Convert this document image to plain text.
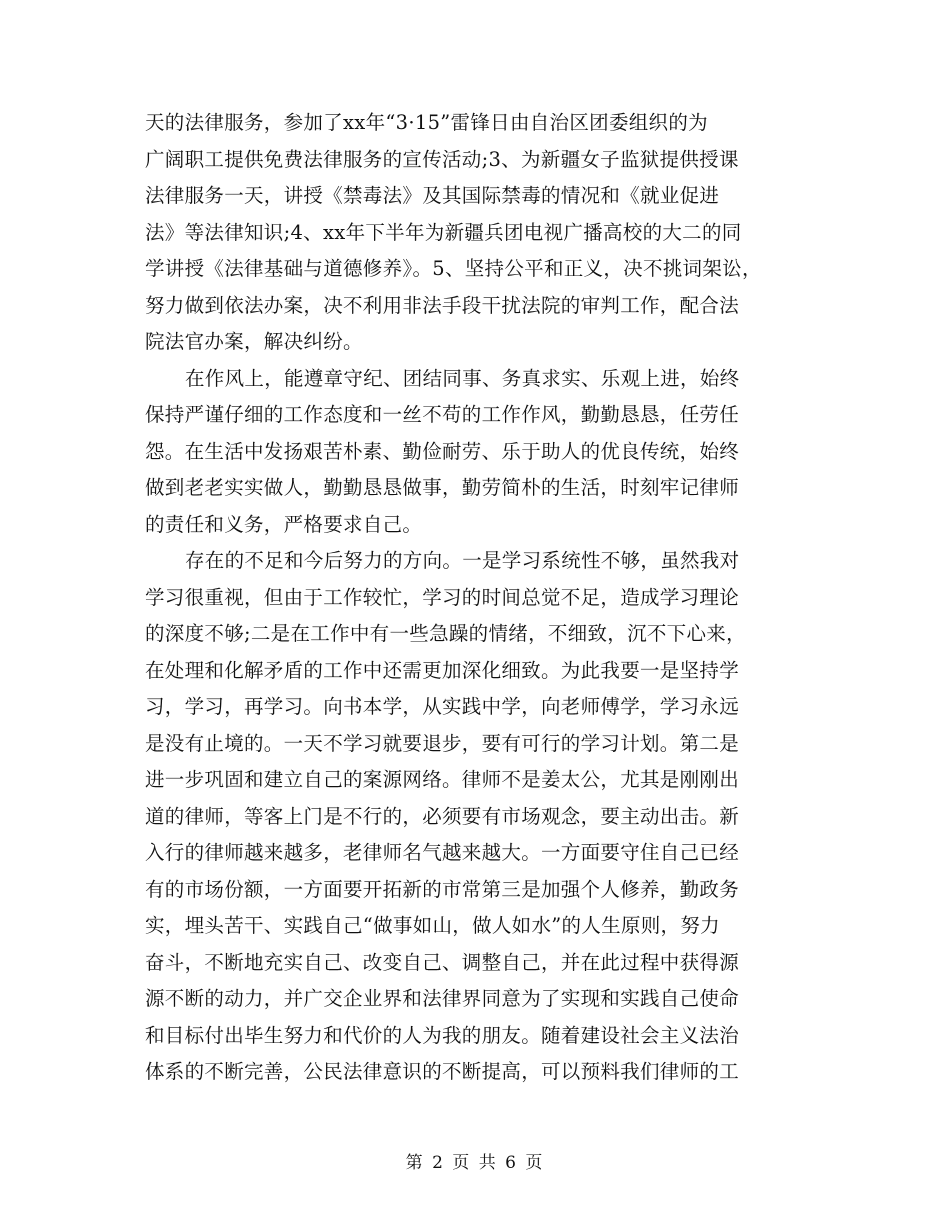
天的法律服务，参加了xx年“3·15”雷锋日由自治区团委组织的为
广阔职工提供免费法律服务的宣传活动;3、为新疆女子监狱提供授课
法律服务一天，讲授《禁毒法》及其国际禁毒的情况和《就业促进
法》等法律知识;4、xx年下半年为新疆兵团电视广播高校的大二的同
学讲授《法律基础与道德修养》。5、坚持公平和正义，决不挑词架讼，
努力做到依法办案，决不利用非法手段干扰法院的审判工作，配合法
院法官办案，解决纠纷。
在作风上，能遵章守纪、团结同事、务真求实、乐观上进，始终
保持严谨仔细的工作态度和一丝不苟的工作作风，勤勤恳恳，任劳任
怨。在生活中发扬艰苦朴素、勤俭耐劳、乐于助人的优良传统，始终
做到老老实实做人，勤勤恳恳做事，勤劳简朴的生活，时刻牢记律师
的责任和义务，严格要求自己。
存在的不足和今后努力的方向。一是学习系统性不够，虽然我对
学习很重视，但由于工作较忙，学习的时间总觉不足，造成学习理论
的深度不够;二是在工作中有一些急躁的情绪，不细致，沉不下心来，
在处理和化解矛盾的工作中还需更加深化细致。为此我要一是坚持学
习，学习，再学习。向书本学，从实践中学，向老师傅学，学习永远
是没有止境的。一天不学习就要退步，要有可行的学习计划。第二是
进一步巩固和建立自己的案源网络。律师不是姜太公，尤其是刚刚出
道的律师，等客上门是不行的，必须要有市场观念，要主动出击。新
入行的律师越来越多，老律师名气越来越大。一方面要守住自己已经
有的市场份额，一方面要开拓新的市常第三是加强个人修养，勤政务
实，埋头苦干、实践自己“做事如山，做人如水”的人生原则，努力
奋斗，不断地充实自己、改变自己、调整自己，并在此过程中获得源
源不断的动力，并广交企业界和法律界同意为了实现和实践自己使命
和目标付出毕生努力和代价的人为我的朋友。随着建设社会主义法治
体系的不断完善，公民法律意识的不断提高，可以预料我们律师的工
第 2 页 共 6 页
